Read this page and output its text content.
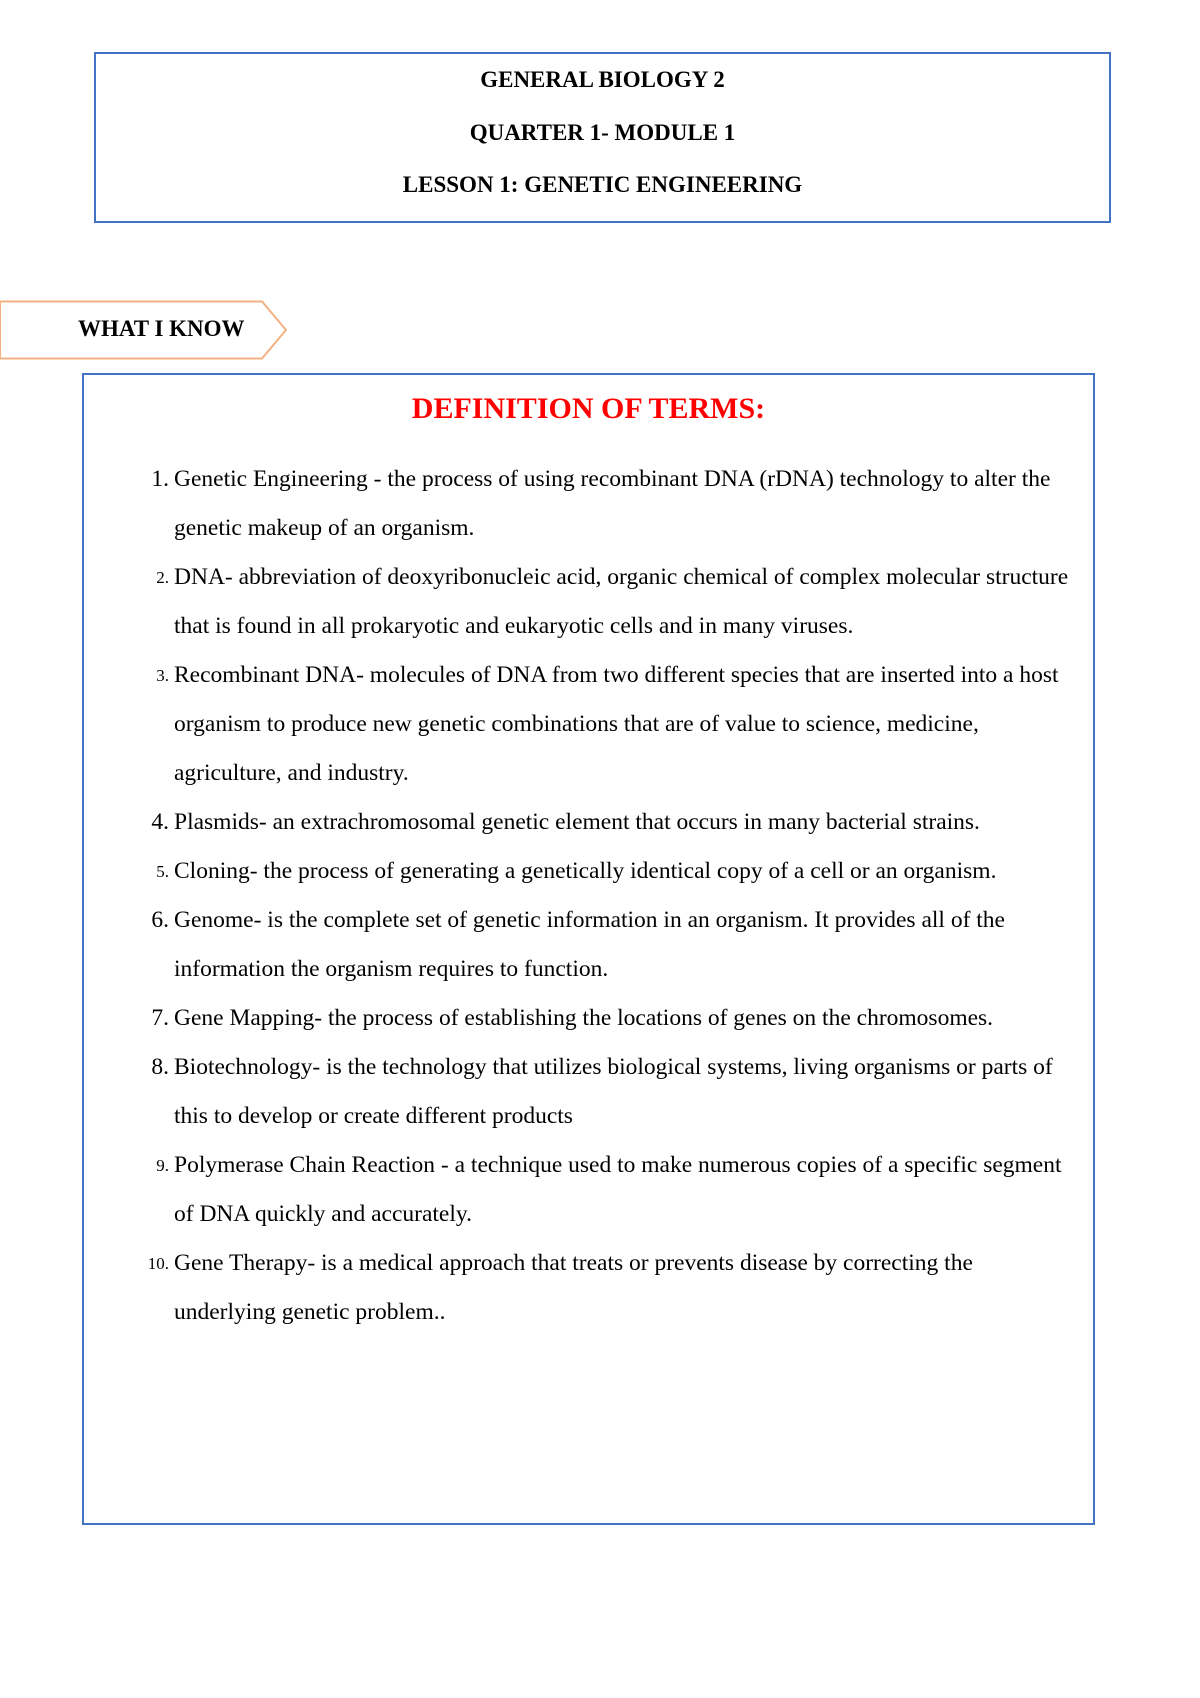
GENERAL BIOLOGY 2
QUARTER 1- MODULE 1
LESSON 1: GENETIC ENGINEERING
WHAT I KNOW
DEFINITION OF TERMS:
1. Genetic Engineering - the process of using recombinant DNA (rDNA) technology to alter the genetic makeup of an organism.
2. DNA- abbreviation of deoxyribonucleic acid, organic chemical of complex molecular structure that is found in all prokaryotic and eukaryotic cells and in many viruses.
3. Recombinant DNA- molecules of DNA from two different species that are inserted into a host organism to produce new genetic combinations that are of value to science, medicine, agriculture, and industry.
4. Plasmids- an extrachromosomal genetic element that occurs in many bacterial strains.
5. Cloning- the process of generating a genetically identical copy of a cell or an organism.
6. Genome- is the complete set of genetic information in an organism. It provides all of the information the organism requires to function.
7. Gene Mapping- the process of establishing the locations of genes on the chromosomes.
8. Biotechnology- is the technology that utilizes biological systems, living organisms or parts of this to develop or create different products
9. Polymerase Chain Reaction - a technique used to make numerous copies of a specific segment of DNA quickly and accurately.
10. Gene Therapy- is a medical approach that treats or prevents disease by correcting the underlying genetic problem..
